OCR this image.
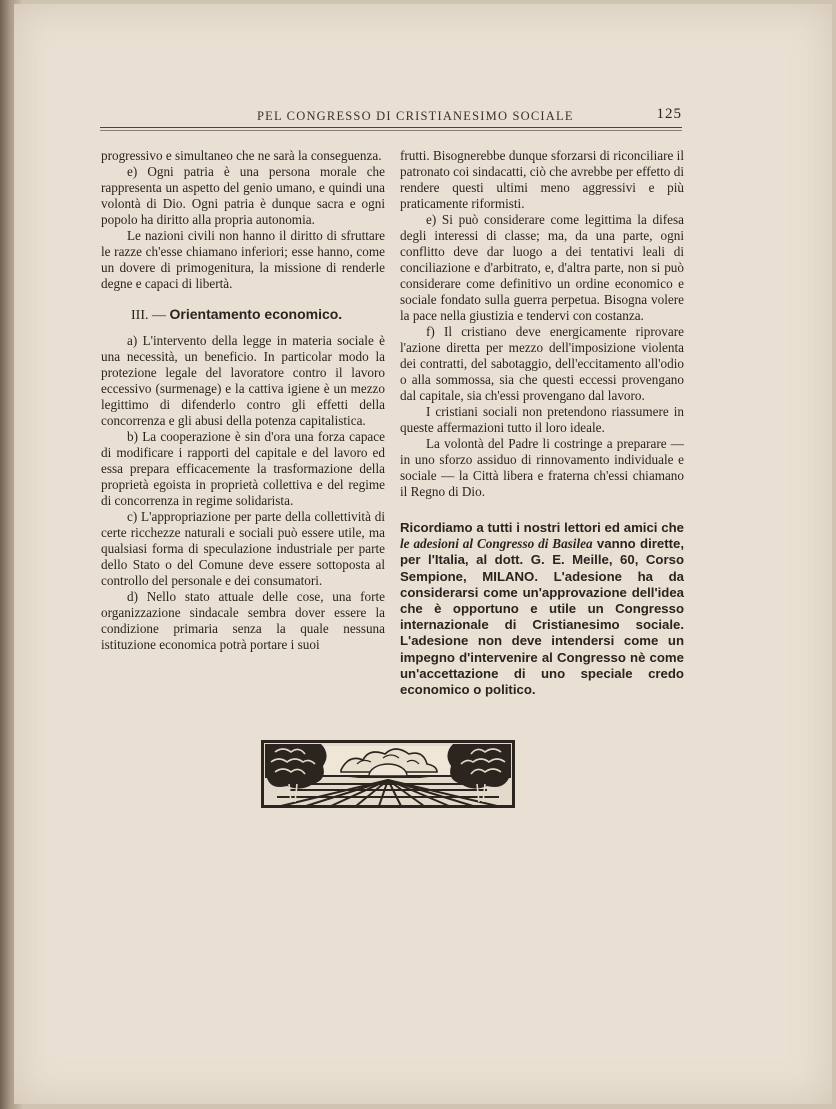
PEL CONGRESSO DI CRISTIANESIMO SOCIALE	125

progressivo e simultaneo che ne sarà la conseguenza.

e) Ogni patria è una persona morale che rappresenta un aspetto del genio umano, e quindi una volontà di Dio. Ogni patria è dunque sacra e ogni popolo ha diritto alla propria autonomia.

Le nazioni civili non hanno il diritto di sfruttare le razze ch'esse chiamano inferiori; esse hanno, come un dovere di primogenitura, la missione di renderle degne e capaci di libertà.

III. — Orientamento economico.

a) L'intervento della legge in materia sociale è una necessità, un beneficio. In particolar modo la protezione legale del lavoratore contro il lavoro eccessivo (surmenage) e la cattiva igiene è un mezzo legittimo di difenderlo contro gli effetti della concorrenza e gli abusi della potenza capitalistica.

b) La cooperazione è sin d'ora una forza capace di modificare i rapporti del capitale e del lavoro ed essa prepara efficacemente la trasformazione della proprietà egoista in proprietà collettiva e del regime di concorrenza in regime solidarista.

c) L'appropriazione per parte della collettività di certe ricchezze naturali e sociali può essere utile, ma qualsiasi forma di speculazione industriale per parte dello Stato o del Comune deve essere sottoposta al controllo del personale e dei consumatori.

d) Nello stato attuale delle cose, una forte organizzazione sindacale sembra dover essere la condizione primaria senza la quale nessuna istituzione economica potrà portare i suoi

frutti. Bisognerebbe dunque sforzarsi di riconciliare il patronato coi sindacatti, ciò che avrebbe per effetto di rendere questi ultimi meno aggressivi e più praticamente riformisti.

e) Si può considerare come legittima la difesa degli interessi di classe; ma, da una parte, ogni conflitto deve dar luogo a dei tentativi leali di conciliazione e d'arbitrato, e, d'altra parte, non si può considerare come definitivo un ordine economico e sociale fondato sulla guerra perpetua. Bisogna volere la pace nella giustizia e tendervi con costanza.

f) Il cristiano deve energicamente riprovare l'azione diretta per mezzo dell'imposizione violenta dei contratti, del sabotaggio, dell'eccitamento all'odio o alla sommossa, sia che questi eccessi provengano dal capitale, sia ch'essi provengano dal lavoro.

I cristiani sociali non pretendono riassumere in queste affermazioni tutto il loro ideale.

La volontà del Padre li costringe a preparare — in uno sforzo assiduo di rinnovamento individuale e sociale — la Città libera e fraterna ch'essi chiamano il Regno di Dio.

Ricordiamo a tutti i nostri lettori ed amici che le adesioni al Congresso di Basilea vanno dirette, per l'Italia, al dott. G. E. Meille, 60, Corso Sempione, MILANO. L'adesione ha da considerarsi come un'approvazione dell'idea che è opportuno e utile un Congresso internazionale di Cristianesimo sociale. L'adesione non deve intendersi come un impegno d'intervenire al Congresso nè come un'accettazione di uno speciale credo economico o politico.
